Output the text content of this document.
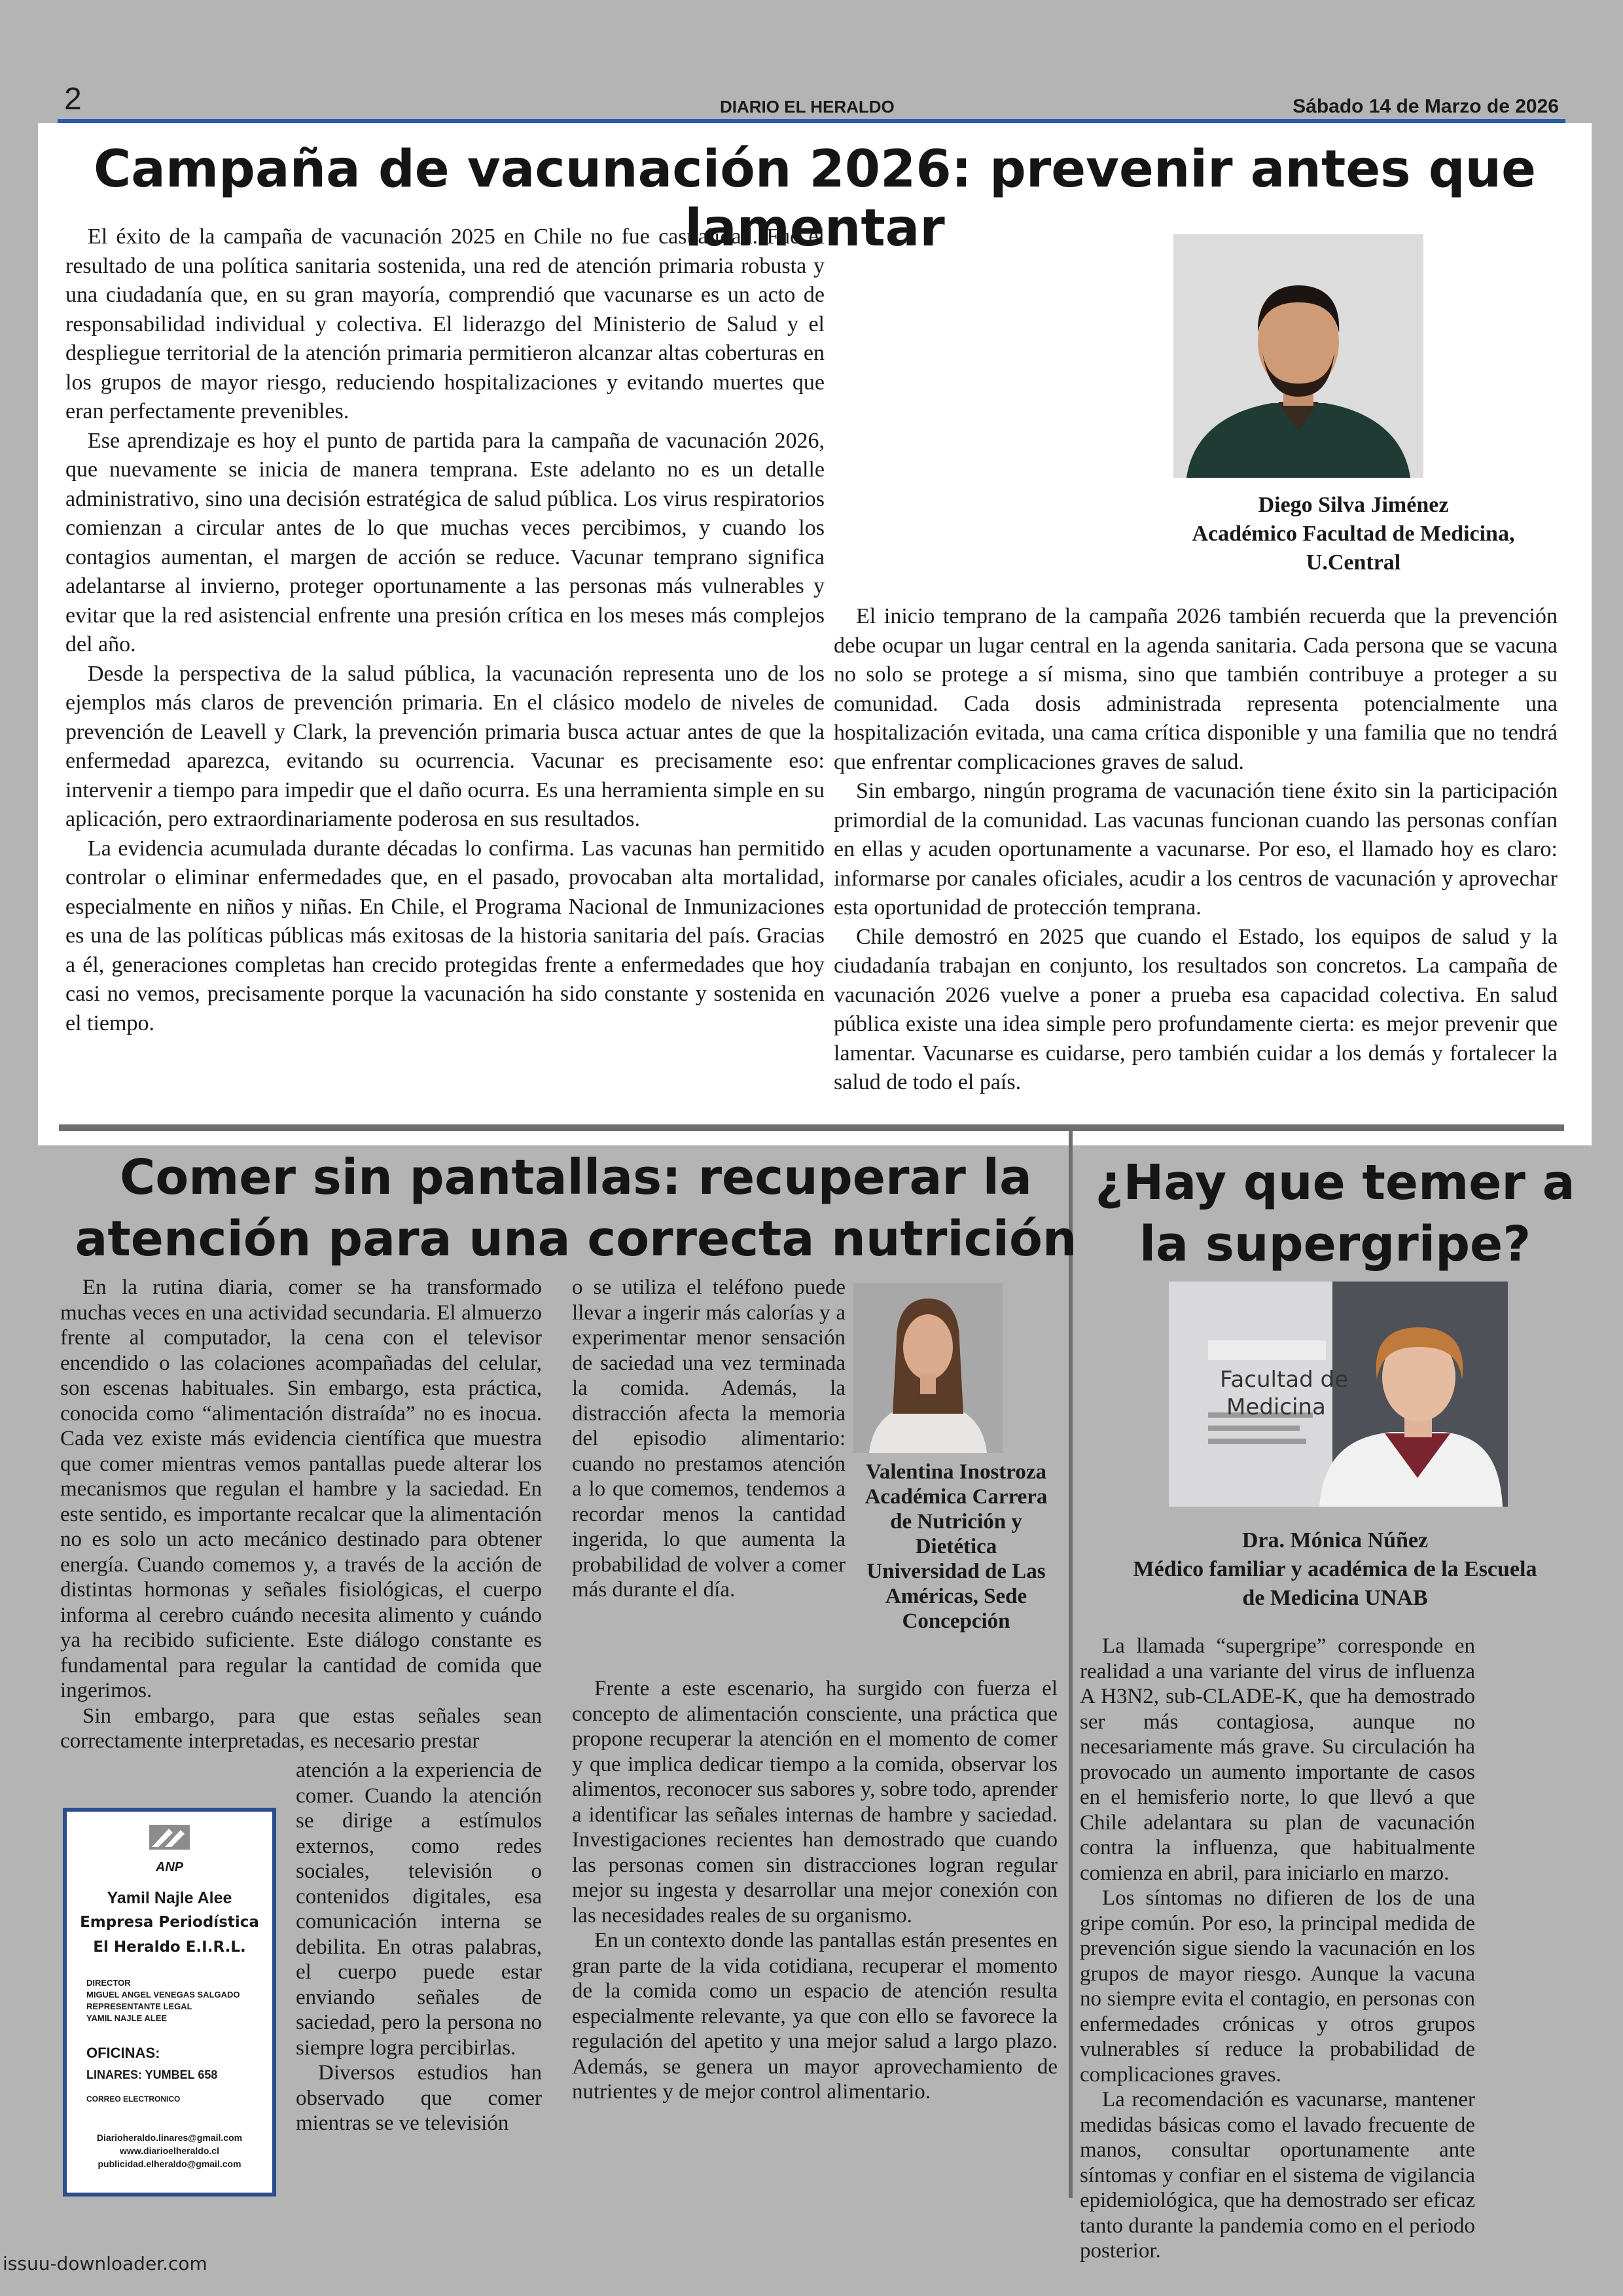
2	DIARIO EL HERALDO	Sábado 14 de Marzo de 2026
Campaña de vacunación 2026: prevenir antes que lamentar

El éxito de la campaña de vacunación 2025 en Chile no fue casualidad. Fue el resultado de una política sanitaria sostenida, una red de atención primaria robusta y una ciudadanía que, en su gran mayoría, comprendió que vacunarse es un acto de responsabilidad individual y colectiva. El liderazgo del Ministerio de Salud y el despliegue territorial de la atención primaria permitieron alcanzar altas coberturas en los grupos de mayor riesgo, reduciendo hospitalizaciones y evitando muertes que eran perfectamente prevenibles.

Ese aprendizaje es hoy el punto de partida para la campaña de vacunación 2026, que nuevamente se inicia de manera temprana. Este adelanto no es un detalle administrativo, sino una decisión estratégica de salud pública. Los virus respiratorios comienzan a circular antes de lo que muchas veces percibimos, y cuando los contagios aumentan, el margen de acción se reduce. Vacunar temprano significa adelantarse al invierno, proteger oportunamente a las personas más vulnerables y evitar que la red asistencial enfrente una presión crítica en los meses más complejos del año.

Desde la perspectiva de la salud pública, la vacunación representa uno de los ejemplos más claros de prevención primaria. En el clásico modelo de niveles de prevención de Leavell y Clark, la prevención primaria busca actuar antes de que la enfermedad aparezca, evitando su ocurrencia. Vacunar es precisamente eso: intervenir a tiempo para impedir que el daño ocurra. Es una herramienta simple en su aplicación, pero extraordinariamente poderosa en sus resultados.

La evidencia acumulada durante décadas lo confirma. Las vacunas han permitido controlar o eliminar enfermedades que, en el pasado, provocaban alta mortalidad, especialmente en niños y niñas. En Chile, el Programa Nacional de Inmunizaciones es una de las políticas públicas más exitosas de la historia sanitaria del país. Gracias a él, generaciones completas han crecido protegidas frente a enfermedades que hoy casi no vemos, precisamente porque la vacunación ha sido constante y sostenida en el tiempo.

Diego Silva Jiménez
Académico Facultad de Medicina,
U.Central

El inicio temprano de la campaña 2026 también recuerda que la prevención debe ocupar un lugar central en la agenda sanitaria. Cada persona que se vacuna no solo se protege a sí misma, sino que también contribuye a proteger a su comunidad. Cada dosis administrada representa potencialmente una hospitalización evitada, una cama crítica disponible y una familia que no tendrá que enfrentar complicaciones graves de salud.

Sin embargo, ningún programa de vacunación tiene éxito sin la participación primordial de la comunidad. Las vacunas funcionan cuando las personas confían en ellas y acuden oportunamente a vacunarse. Por eso, el llamado hoy es claro: informarse por canales oficiales, acudir a los centros de vacunación y aprovechar esta oportunidad de protección temprana.

Chile demostró en 2025 que cuando el Estado, los equipos de salud y la ciudadanía trabajan en conjunto, los resultados son concretos. La campaña de vacunación 2026 vuelve a poner a prueba esa capacidad colectiva. En salud pública existe una idea simple pero profundamente cierta: es mejor prevenir que lamentar. Vacunarse es cuidarse, pero también cuidar a los demás y fortalecer la salud de todo el país.

Comer sin pantallas: recuperar la
atención para una correcta nutrición

En la rutina diaria, comer se ha transformado muchas veces en una actividad secundaria. El almuerzo frente al computador, la cena con el televisor encendido o las colaciones acompañadas del celular, son escenas habituales. Sin embargo, esta práctica, conocida como “alimentación distraída” no es inocua. Cada vez existe más evidencia científica que muestra que comer mientras vemos pantallas puede alterar los mecanismos que regulan el hambre y la saciedad. En este sentido, es importante recalcar que la alimentación no es solo un acto mecánico destinado para obtener energía. Cuando comemos y, a través de la acción de distintas hormonas y señales fisiológicas, el cuerpo informa al cerebro cuándo necesita alimento y cuándo ya ha recibido suficiente. Este diálogo constante es fundamental para regular la cantidad de comida que ingerimos.

Sin embargo, para que estas señales sean correctamente interpretadas, es necesario prestar

atención a la experiencia de comer. Cuando la atención se dirige a estímulos externos, como redes sociales, televisión o contenidos digitales, esa comunicación interna se debilita. En otras palabras, el cuerpo puede estar enviando señales de saciedad, pero la persona no siempre logra percibirlas.

Diversos estudios han observado que comer mientras se ve televisión

o se utiliza el teléfono puede llevar a ingerir más calorías y a experimentar menor sensación de saciedad una vez terminada la comida. Además, la distracción afecta la memoria del episodio alimentario: cuando no prestamos atención a lo que comemos, tendemos a recordar menos la cantidad ingerida, lo que aumenta la probabilidad de volver a comer más durante el día.

Valentina Inostroza
Académica Carrera
de Nutrición y
Dietética
Universidad de Las
Américas, Sede
Concepción

Frente a este escenario, ha surgido con fuerza el concepto de alimentación consciente, una práctica que propone recuperar la atención en el momento de comer y que implica dedicar tiempo a la comida, observar los alimentos, reconocer sus sabores y, sobre todo, aprender a identificar las señales internas de hambre y saciedad. Investigaciones recientes han demostrado que cuando las personas comen sin distracciones logran regular mejor su ingesta y desarrollar una mejor conexión con las necesidades reales de su organismo.

En un contexto donde las pantallas están presentes en gran parte de la vida cotidiana, recuperar el momento de la comida como un espacio de atención resulta especialmente relevante, ya que con ello se favorece la regulación del apetito y una mejor salud a largo plazo. Además, se genera un mayor aprovechamiento de nutrientes y de mejor control alimentario.

ANP
Yamil Najle Alee
Empresa Periodística
El Heraldo E.I.R.L.
DIRECTOR
MIGUEL ANGEL VENEGAS SALGADO
REPRESENTANTE LEGAL
YAMIL NAJLE ALEE
OFICINAS:
LINARES: YUMBEL 658
CORREO ELECTRONICO
Diarioheraldo.linares@gmail.com
www.diarioelheraldo.cl
publicidad.elheraldo@gmail.com
¿Hay que temer a
la supergripe?
Facultad de
Medicina
Dra. Mónica Núñez
Médico familiar y académica de la Escuela
de Medicina UNAB

La llamada “supergripe” corresponde en realidad a una variante del virus de influenza A H3N2, sub-CLADE-K, que ha demostrado ser más contagiosa, aunque no necesariamente más grave. Su circulación ha provocado un aumento importante de casos en el hemisferio norte, lo que llevó a que Chile adelantara su plan de vacunación contra la influenza, que habitualmente comienza en abril, para iniciarlo en marzo.

Los síntomas no difieren de los de una gripe común. Por eso, la principal medida de prevención sigue siendo la vacunación en los grupos de mayor riesgo. Aunque la vacuna no siempre evita el contagio, en personas con enfermedades crónicas y otros grupos vulnerables sí reduce la probabilidad de complicaciones graves.

La recomendación es vacunarse, mantener medidas básicas como el lavado frecuente de manos, consultar oportunamente ante síntomas y confiar en el sistema de vigilancia epidemiológica, que ha demostrado ser eficaz tanto durante la pandemia como en el periodo posterior.

issuu-downloader.com
